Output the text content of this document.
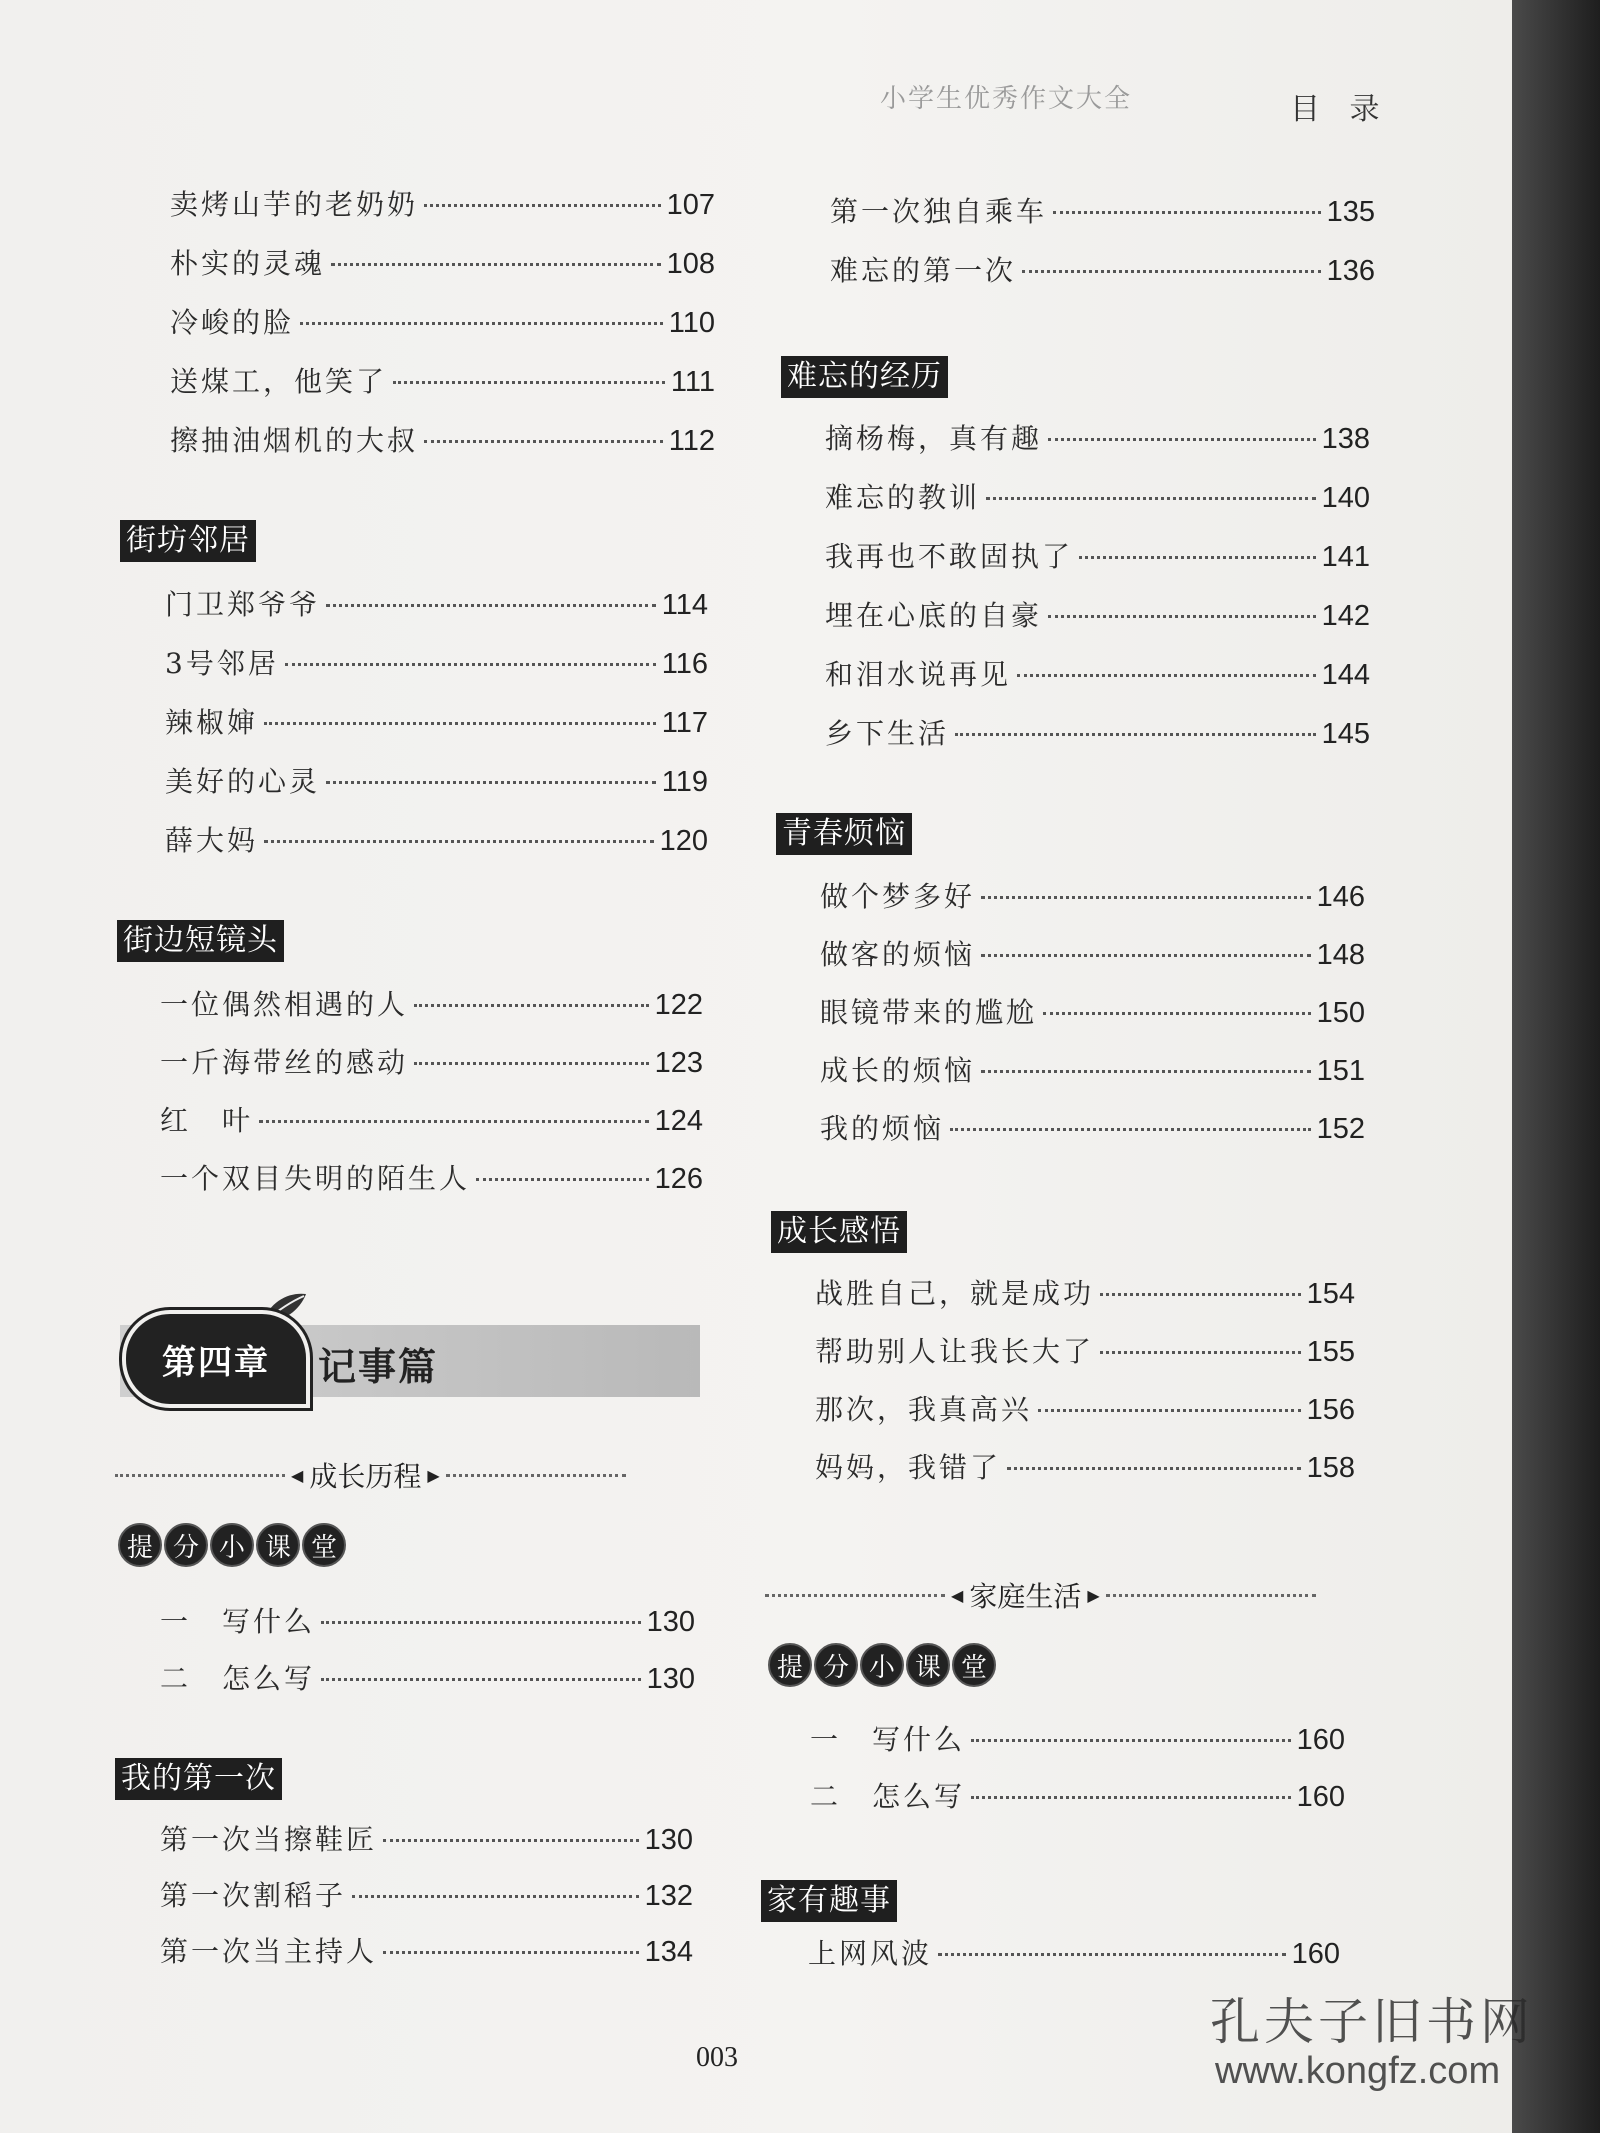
小学生优秀作文大全	目 录
卖烤山芋的老奶奶	107
朴实的灵魂	108
冷峻的脸	110
送煤工，他笑了	111
擦抽油烟机的大叔	112
街坊邻居
门卫郑爷爷	114
3号邻居	116
辣椒婶	117
美好的心灵	119
薛大妈	120
街边短镜头
一位偶然相遇的人	122
一斤海带丝的感动	123
红　叶	124
一个双目失明的陌生人	126
第四章	记事篇
◀ 成长历程 ▶
提 分 小 课 堂
一　写什么	130
二　怎么写	130
我的第一次
第一次当擦鞋匠	130
第一次割稻子	132
第一次当主持人	134
第一次独自乘车	135
难忘的第一次	136
难忘的经历
摘杨梅，真有趣	138
难忘的教训	140
我再也不敢固执了	141
埋在心底的自豪	142
和泪水说再见	144
乡下生活	145
青春烦恼
做个梦多好	146
做客的烦恼	148
眼镜带来的尴尬	150
成长的烦恼	151
我的烦恼	152
成长感悟
战胜自己，就是成功	154
帮助别人让我长大了	155
那次，我真高兴	156
妈妈，我错了	158
◀ 家庭生活 ▶
提 分 小 课 堂
一　写什么	160
二　怎么写	160
家有趣事
上网风波	160
003
孔夫子旧书网
www.kongfz.com
